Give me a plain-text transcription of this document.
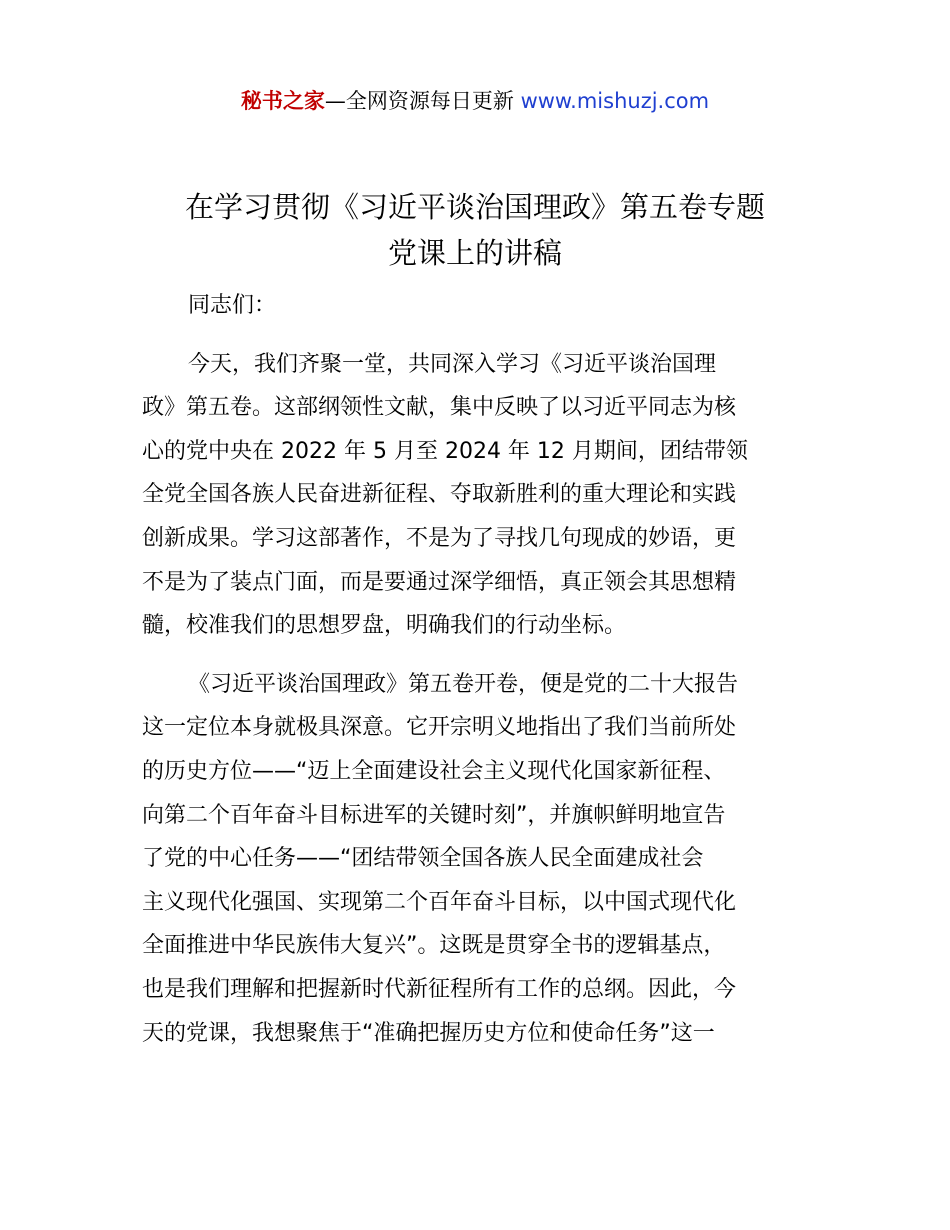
秘书之家—全网资源每日更新 www.mishuzj.com
在学习贯彻《习近平谈治国理政》第五卷专题
党课上的讲稿

同志们：

今天，我们齐聚一堂，共同深入学习《习近平谈治国理
政》第五卷。这部纲领性文献，集中反映了以习近平同志为核
心的党中央在 2022 年 5 月至 2024 年 12 月期间，团结带领
全党全国各族人民奋进新征程、夺取新胜利的重大理论和实践
创新成果。学习这部著作，不是为了寻找几句现成的妙语，更
不是为了装点门面，而是要通过深学细悟，真正领会其思想精
髓，校准我们的思想罗盘，明确我们的行动坐标。

《习近平谈治国理政》第五卷开卷，便是党的二十大报告
这一定位本身就极具深意。它开宗明义地指出了我们当前所处
的历史方位——“迈上全面建设社会主义现代化国家新征程、
向第二个百年奋斗目标进军的关键时刻”，并旗帜鲜明地宣告
了党的中心任务——“团结带领全国各族人民全面建成社会
主义现代化强国、实现第二个百年奋斗目标，以中国式现代化
全面推进中华民族伟大复兴”。这既是贯穿全书的逻辑基点，
也是我们理解和把握新时代新征程所有工作的总纲。因此，今
天的党课，我想聚焦于“准确把握历史方位和使命任务”这一
